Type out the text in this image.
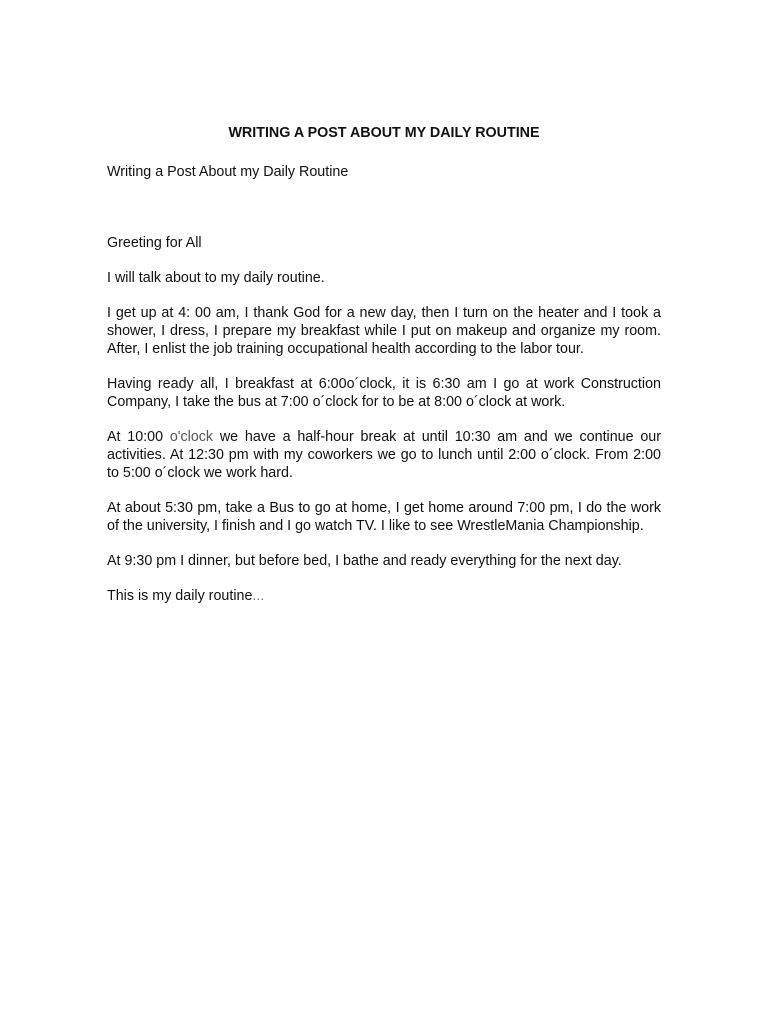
WRITING A POST ABOUT MY DAILY ROUTINE
Writing a Post About my Daily Routine
Greeting for All
I will talk about to my daily routine.
I get up at 4: 00 am, I thank God for a new day, then I turn on the heater and I took a shower, I dress, I prepare my breakfast while I put on makeup and organize my room. After, I enlist the job training occupational health according to the labor tour.
Having ready all, I breakfast at 6:00o´clock, it is 6:30 am I go at work Construction Company, I take the bus at 7:00 o´clock for to be at 8:00 o´clock at work.
At 10:00 o'clock we have a half-hour break at until 10:30 am and we continue our activities. At 12:30 pm with my coworkers we go to lunch until 2:00 o´clock. From 2:00 to 5:00 o´clock we work hard.
At about 5:30 pm, take a Bus to go at home, I get home around 7:00 pm, I do the work of the university, I finish and I go watch TV. I like to see WrestleMania Championship.
At 9:30 pm I dinner, but before bed, I bathe and ready everything for the next day.
This is my daily routine...
